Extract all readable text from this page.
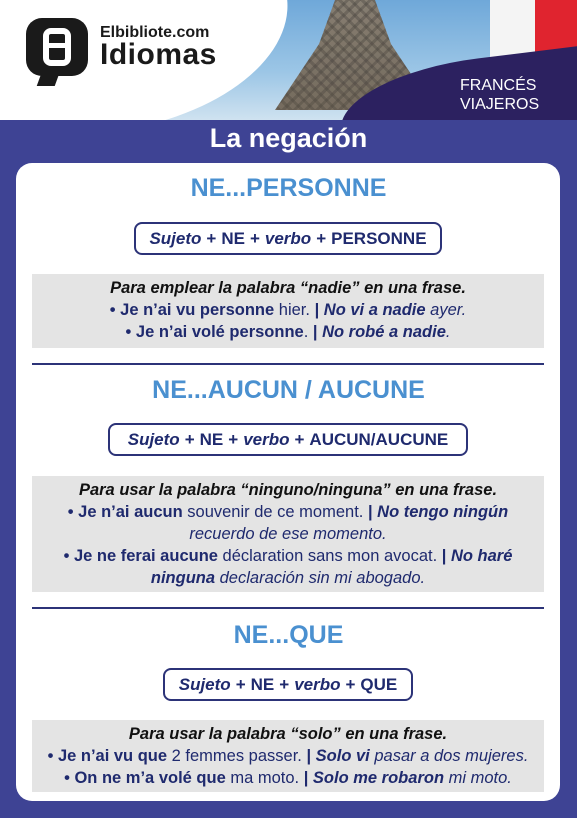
Elbibliote.com
Idiomas
FRANCÉS
VIAJEROS
La negación
NE...PERSONNE
Sujeto + NE + verbo + PERSONNE
Para emplear la palabra “nadie” en una frase.
• Je n’ai vu personne hier. | No vi a nadie ayer.
• Je n’ai volé personne. | No robé a nadie.
NE...AUCUN / AUCUNE
Sujeto + NE + verbo + AUCUN/AUCUNE
Para usar la palabra “ninguno/ninguna” en una frase.
• Je n’ai aucun souvenir de ce moment. | No tengo ningún
recuerdo de ese momento.
• Je ne ferai aucune déclaration sans mon avocat. | No haré
ninguna declaración sin mi abogado.
NE...QUE
Sujeto + NE + verbo + QUE
Para usar la palabra “solo” en una frase.
• Je n’ai vu que 2 femmes passer. | Solo vi pasar a dos mujeres.
• On ne m’a volé que ma moto. | Solo me robaron mi moto.
